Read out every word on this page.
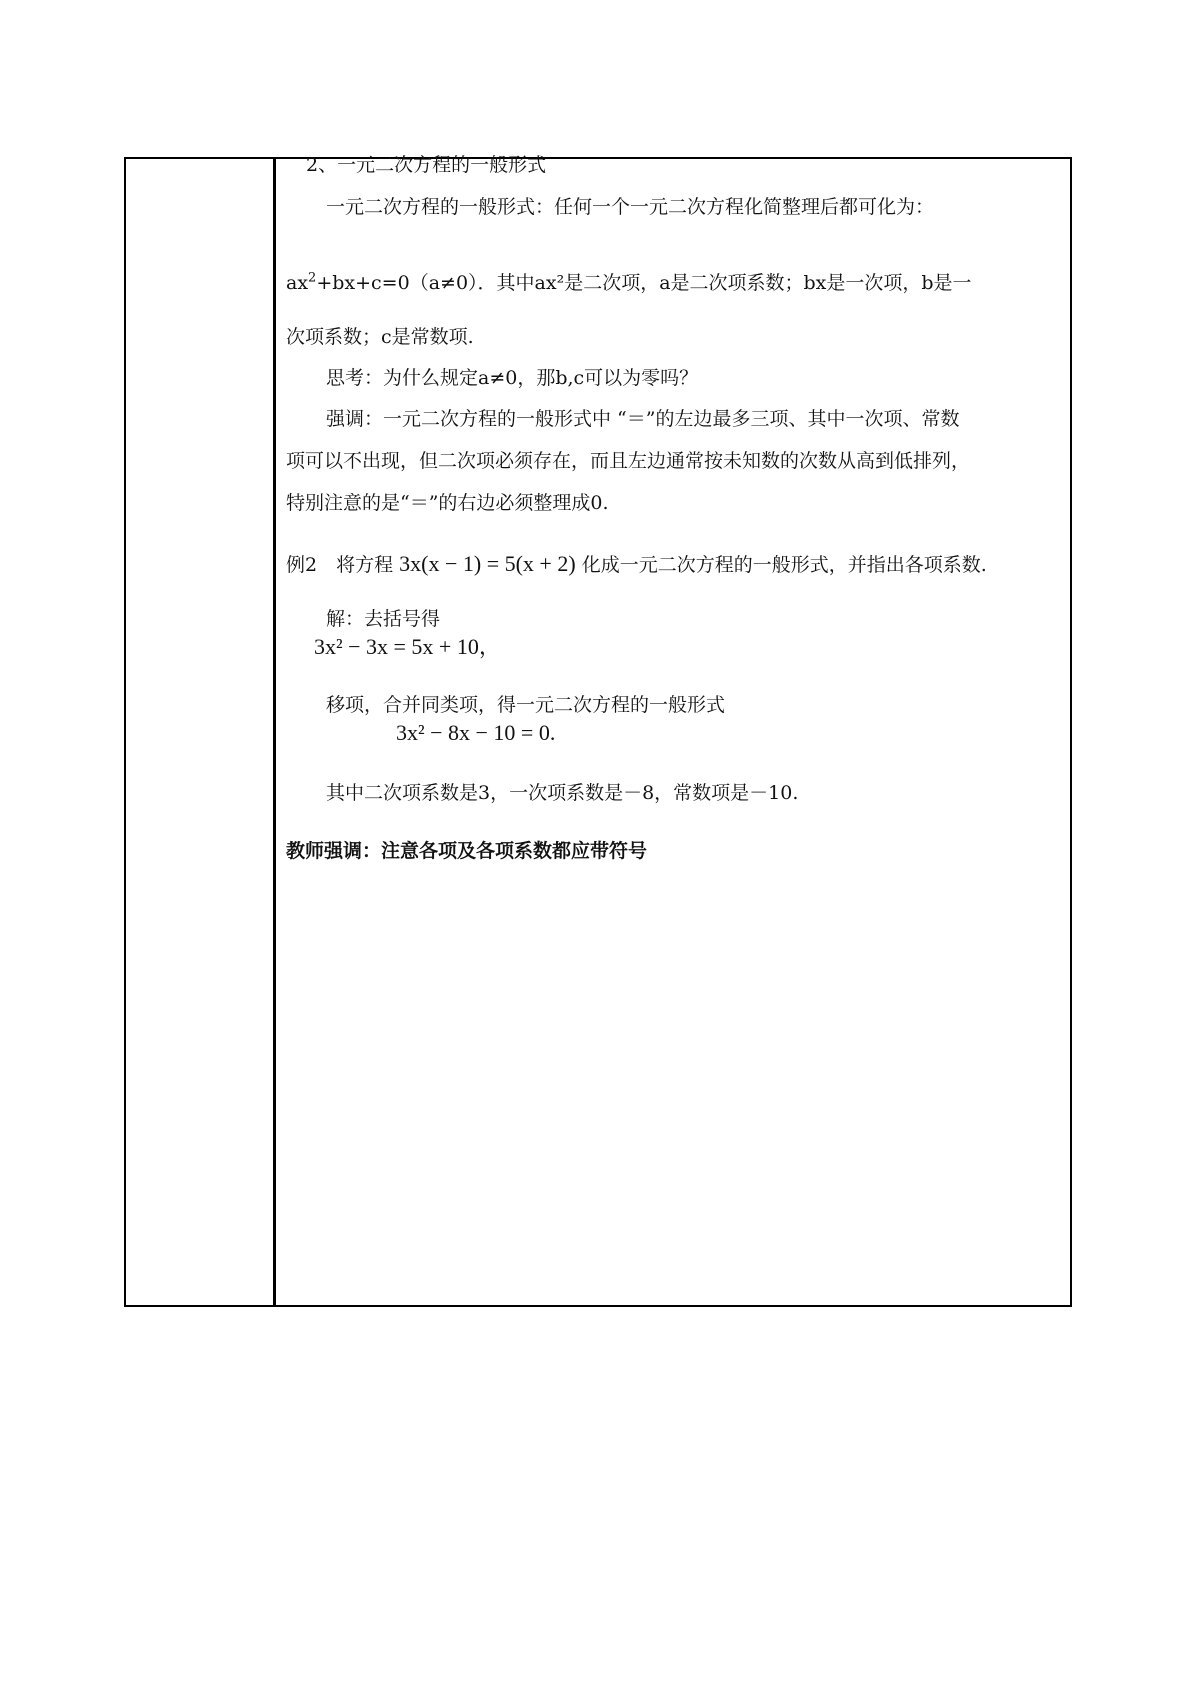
2、一元二次方程的一般形式
一元二次方程的一般形式：任何一个一元二次方程化简整理后都可化为：
$ax^2+bx+c=0(a\ne 0)$．其中ax²是二次项，a是二次项系数；bx是一次项，b是一
次项系数；c是常数项.
思考：为什么规定a≠0，那b,c可以为零吗？
强调：一元二次方程的一般形式中 “＝”的左边最多三项、其中一次项、常数
项可以不出现，但二次项必须存在，而且左边通常按未知数的次数从高到低排列，
特别注意的是“＝”的右边必须整理成0.
例2　将方程 3x(x − 1) = 5(x + 2) 化成一元二次方程的一般形式，并指出各项系数.
解：去括号得
3x² − 3x = 5x + 10，
移项，合并同类项，得一元二次方程的一般形式
3x² − 8x − 10 = 0.
其中二次项系数是3，一次项系数是－8，常数项是－10.
教师强调：注意各项及各项系数都应带符号
